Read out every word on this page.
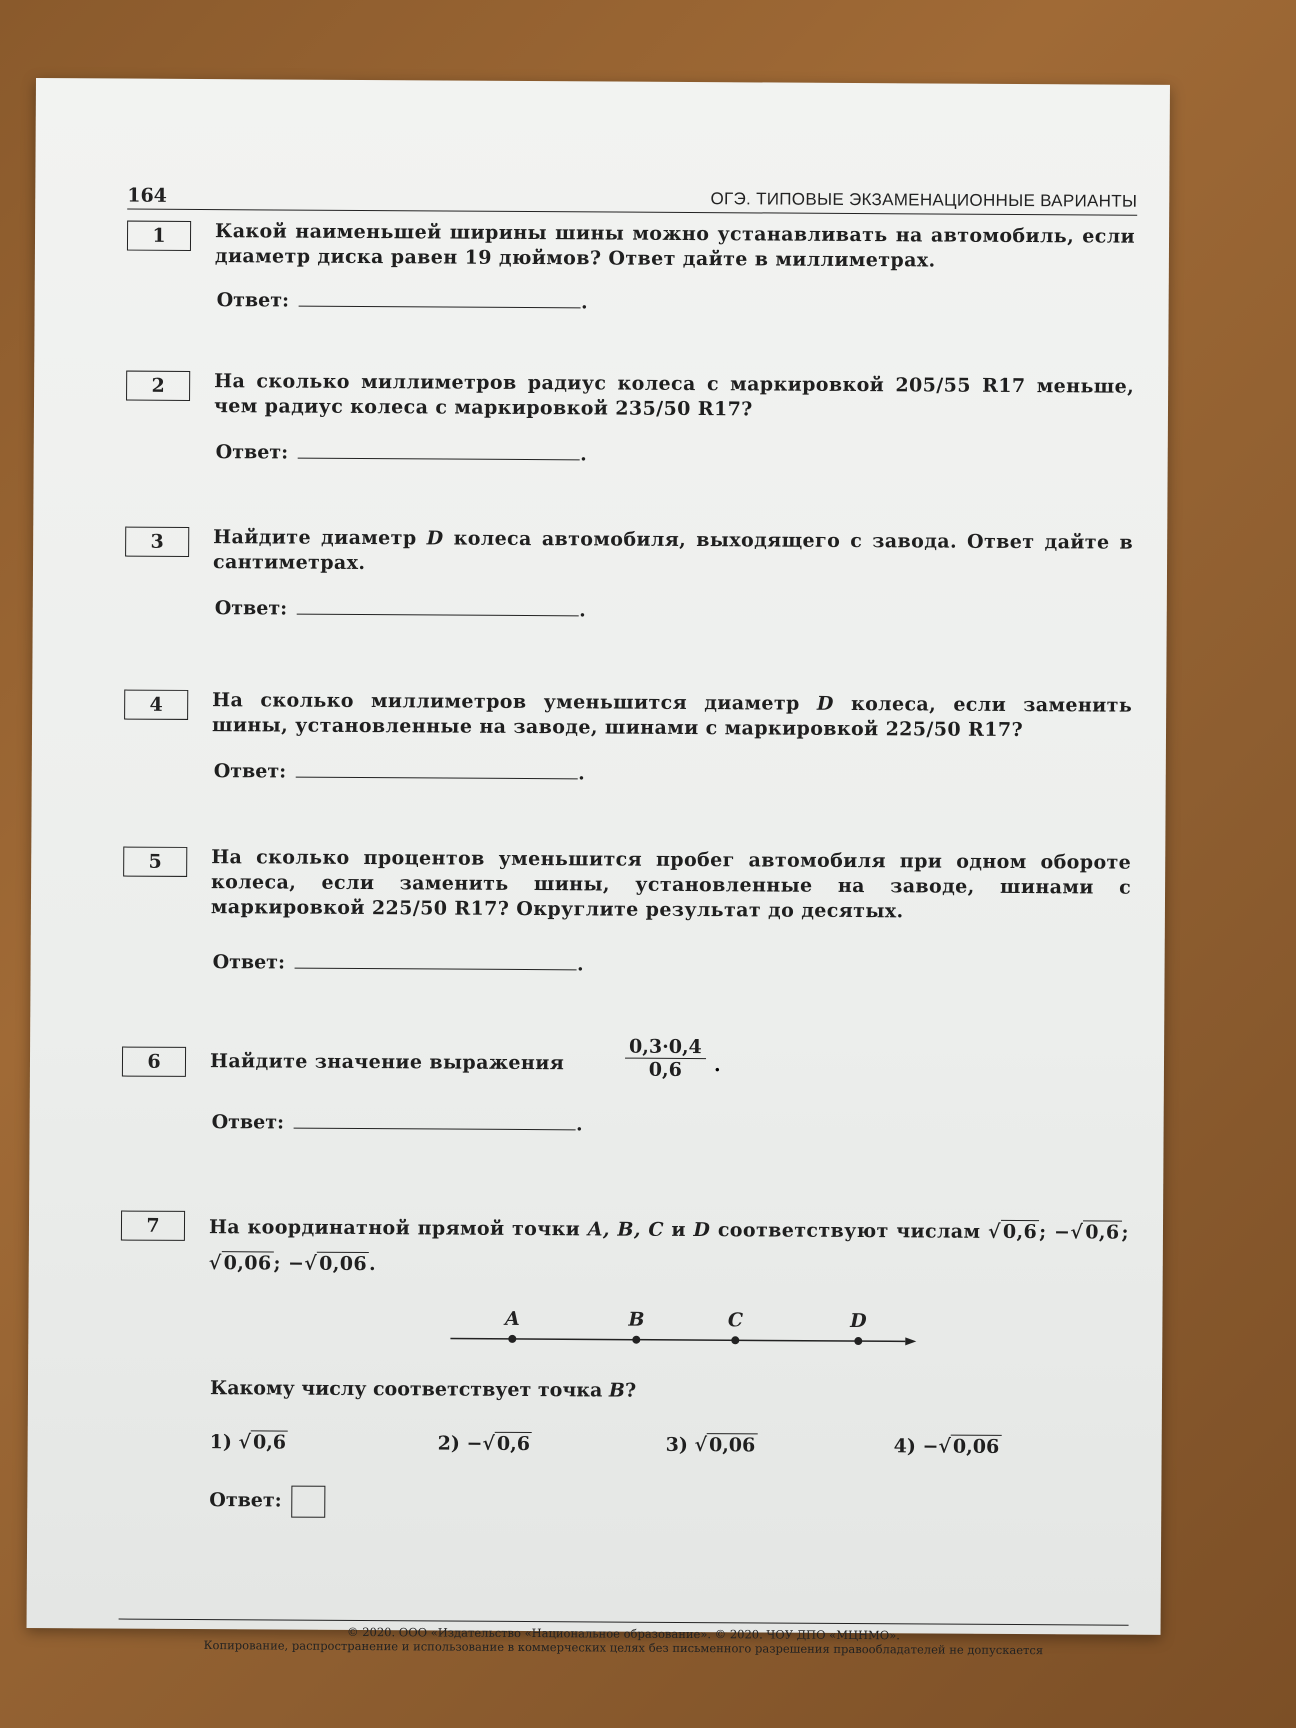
164	ОГЭ. ТИПОВЫЕ ЭКЗАМЕНАЦИОННЫЕ ВАРИАНТЫ
1	Какой наименьшей ширины шины можно устанавливать на автомобиль, если диаметр диска равен 19 дюймов? Ответ дайте в миллиметрах.
Ответ:	.
2	На сколько миллиметров радиус колеса с маркировкой 205/55 R17 меньше, чем радиус колеса с маркировкой 235/50 R17?
Ответ:	.
3	Найдите диаметр D колеса автомобиля, выходящего с завода. Ответ дайте в сантиметрах.
Ответ:	.
4	На сколько миллиметров уменьшится диаметр D колеса, если заменить шины, установленные на заводе, шинами с маркировкой 225/50 R17?
Ответ:	.
5	На сколько процентов уменьшится пробег автомобиля при одном обороте колеса, если заменить шины, установленные на заводе, шинами с маркировкой 225/50 R17? Округлите результат до десятых.
Ответ:	.
6	Найдите значение выражения	$\frac{0,3\cdot 0,4}{0,6}$ .
Ответ:	.
7	На координатной прямой точки A, B, C и D соответствуют числам √0,6; −√0,6; √0,06; −√0,06.
A	B	C	D
Какому числу соответствует точка B?
1) √0,6	2) −√0,6	3) √0,06	4) −√0,06
Ответ:
© 2020. ООО «Издательство «Национальное образование». © 2020. ЧОУ ДПО «МЦНМО».
Копирование, распространение и использование в коммерческих целях без письменного разрешения правообладателей не допускается
